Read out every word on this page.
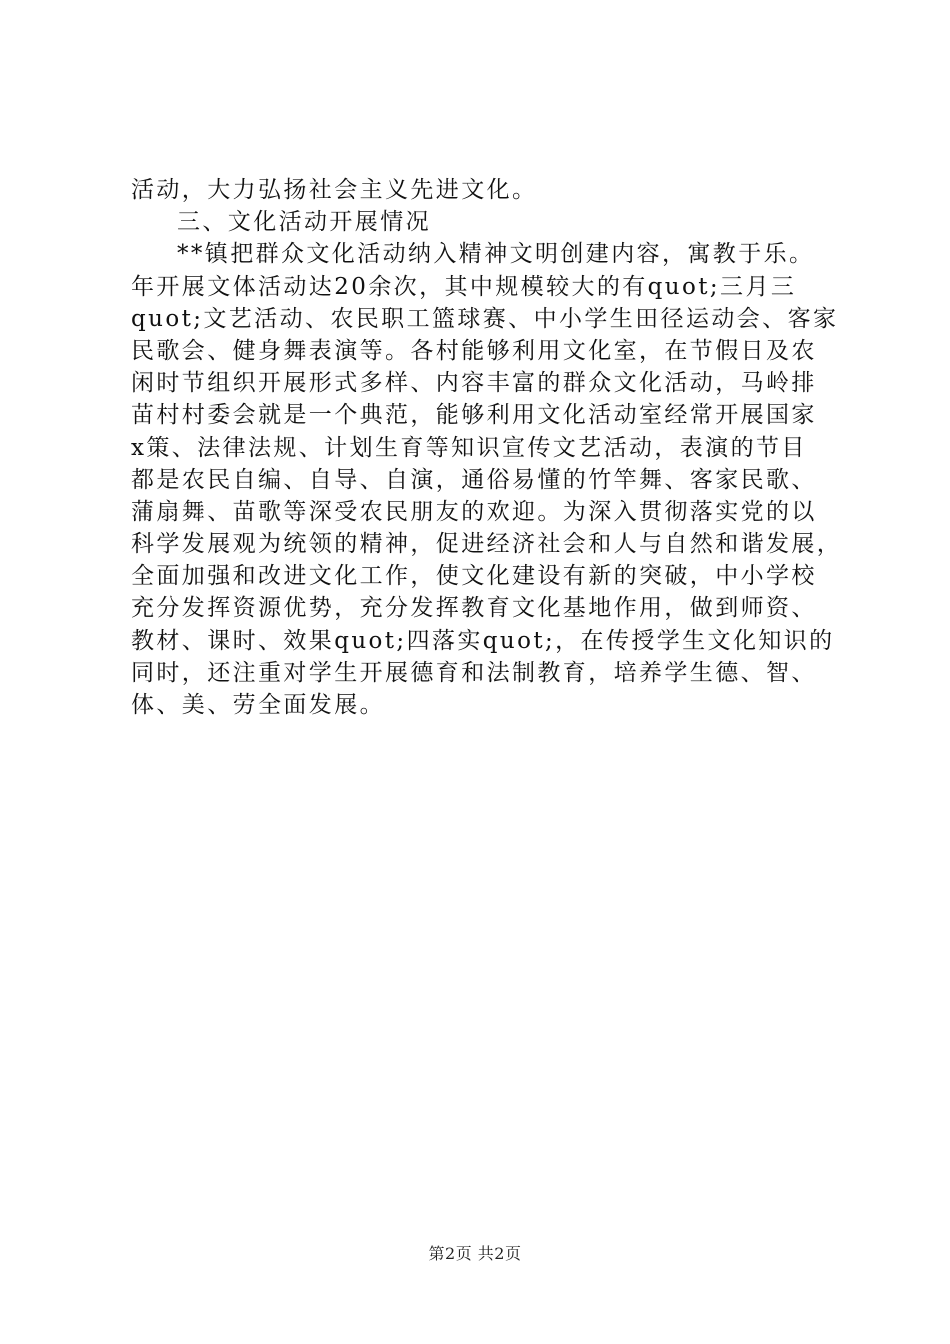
活动，大力弘扬社会主义先进文化。
三、文化活动开展情况
**镇把群众文化活动纳入精神文明创建内容，寓教于乐。
年开展文体活动达20余次，其中规模较大的有quot;三月三
quot;文艺活动、农民职工篮球赛、中小学生田径运动会、客家
民歌会、健身舞表演等。各村能够利用文化室，在节假日及农
闲时节组织开展形式多样、内容丰富的群众文化活动，马岭排
苗村村委会就是一个典范，能够利用文化活动室经常开展国家
x策、法律法规、计划生育等知识宣传文艺活动，表演的节目
都是农民自编、自导、自演，通俗易懂的竹竿舞、客家民歌、
蒲扇舞、苗歌等深受农民朋友的欢迎。为深入贯彻落实党的以
科学发展观为统领的精神，促进经济社会和人与自然和谐发展，
全面加强和改进文化工作，使文化建设有新的突破，中小学校
充分发挥资源优势，充分发挥教育文化基地作用，做到师资、
教材、课时、效果quot;四落实quot;，在传授学生文化知识的
同时，还注重对学生开展德育和法制教育，培养学生德、智、
体、美、劳全面发展。
第2页 共2页
